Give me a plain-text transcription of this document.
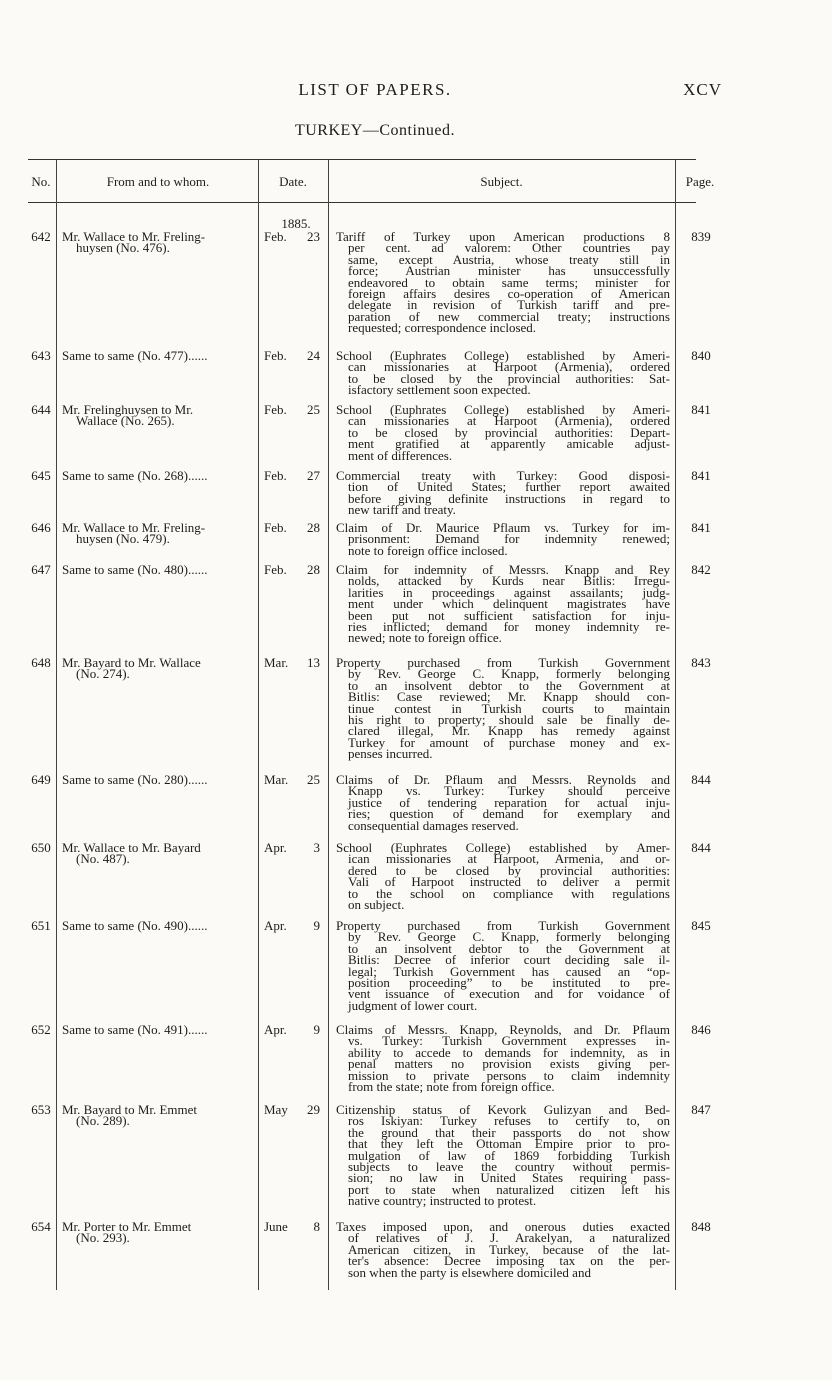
LIST OF PAPERS.	XCV
TURKEY—Continued.
No.	From and to whom.	Date.	Subject.	Page.
1885.
642 Mr. Wallace to Mr. Freling-
huysen (No. 476).
Feb. 23	Tariff of Turkey upon American productions 8
per cent. ad valorem: Other countries pay
same, except Austria, whose treaty still in
force; Austrian minister has unsuccessfully
endeavored to obtain same terms; minister for
foreign affairs desires co-operation of American
delegate in revision of Turkish tariff and pre-
paration of new commercial treaty; instructions
requested; correspondence inclosed.
839
643 Same to same (No. 477)......	Feb. 24	School (Euphrates College) established by Ameri-
can missionaries at Harpoot (Armenia), ordered
to be closed by the provincial authorities: Sat-
isfactory settlement soon expected.
840
644 Mr. Frelinghuysen to Mr.
Wallace (No. 265).
Feb. 25	School (Euphrates College) established by Ameri-
can missionaries at Harpoot (Armenia), ordered
to be closed by provincial authorities: Depart-
ment gratified at apparently amicable adjust-
ment of differences.
841
645 Same to same (No. 268)......	Feb. 27	Commercial treaty with Turkey: Good disposi-
tion of United States; further report awaited
before giving definite instructions in regard to
new tariff and treaty.
841
646 Mr. Wallace to Mr. Freling-
huysen (No. 479).
Feb. 28	Claim of Dr. Maurice Pflaum vs. Turkey for im-
prisonment: Demand for indemnity renewed;
note to foreign office inclosed.
841
647 Same to same (No. 480)......	Feb. 28	Claim for indemnity of Messrs. Knapp and Rey
nolds, attacked by Kurds near Bitlis: Irregu-
larities in proceedings against assailants; judg-
ment under which delinquent magistrates have
been put not sufficient satisfaction for inju-
ries inflicted; demand for money indemnity re-
newed; note to foreign office.
842
648 Mr. Bayard to Mr. Wallace
(No. 274).
Mar. 13	Property purchased from Turkish Government
by Rev. George C. Knapp, formerly belonging
to an insolvent debtor to the Government at
Bitlis: Case reviewed; Mr. Knapp should con-
tinue contest in Turkish courts to maintain
his right to property; should sale be finally de-
clared illegal, Mr. Knapp has remedy against
Turkey for amount of purchase money and ex-
penses incurred.
843
649 Same to same (No. 280)......	Mar. 25	Claims of Dr. Pflaum and Messrs. Reynolds and
Knapp vs. Turkey: Turkey should perceive
justice of tendering reparation for actual inju-
ries; question of demand for exemplary and
consequential damages reserved.
844
650 Mr. Wallace to Mr. Bayard
(No. 487).
Apr. 3	School (Euphrates College) established by Amer-
ican missionaries at Harpoot, Armenia, and or-
dered to be closed by provincial authorities:
Vali of Harpoot instructed to deliver a permit
to the school on compliance with regulations
on subject.
844
651 Same to same (No. 490)......	Apr. 9	Property purchased from Turkish Government
by Rev. George C. Knapp, formerly belonging
to an insolvent debtor to the Government at
Bitlis: Decree of inferior court deciding sale il-
legal; Turkish Government has caused an “op-
position proceeding” to be instituted to pre-
vent issuance of execution and for voidance of
judgment of lower court.
845
652 Same to same (No. 491)......	Apr. 9	Claims of Messrs. Knapp, Reynolds, and Dr. Pflaum
vs. Turkey: Turkish Government expresses in-
ability to accede to demands for indemnity, as in
penal matters no provision exists giving per-
mission to private persons to claim indemnity
from the state; note from foreign office.
846
653 Mr. Bayard to Mr. Emmet
(No. 289).
May 29	Citizenship status of Kevork Gulizyan and Bed-
ros Iskiyan: Turkey refuses to certify to, on
the ground that their passports do not show
that they left the Ottoman Empire prior to pro-
mulgation of law of 1869 forbidding Turkish
subjects to leave the country without permis-
sion; no law in United States requiring pass-
port to state when naturalized citizen left his
native country; instructed to protest.
847
654 Mr. Porter to Mr. Emmet
(No. 293).
June 8	Taxes imposed upon, and onerous duties exacted
of relatives of J. J. Arakelyan, a naturalized
American citizen, in Turkey, because of the lat-
ter's absence: Decree imposing tax on the per-
son when the party is elsewhere domiciled and
848
